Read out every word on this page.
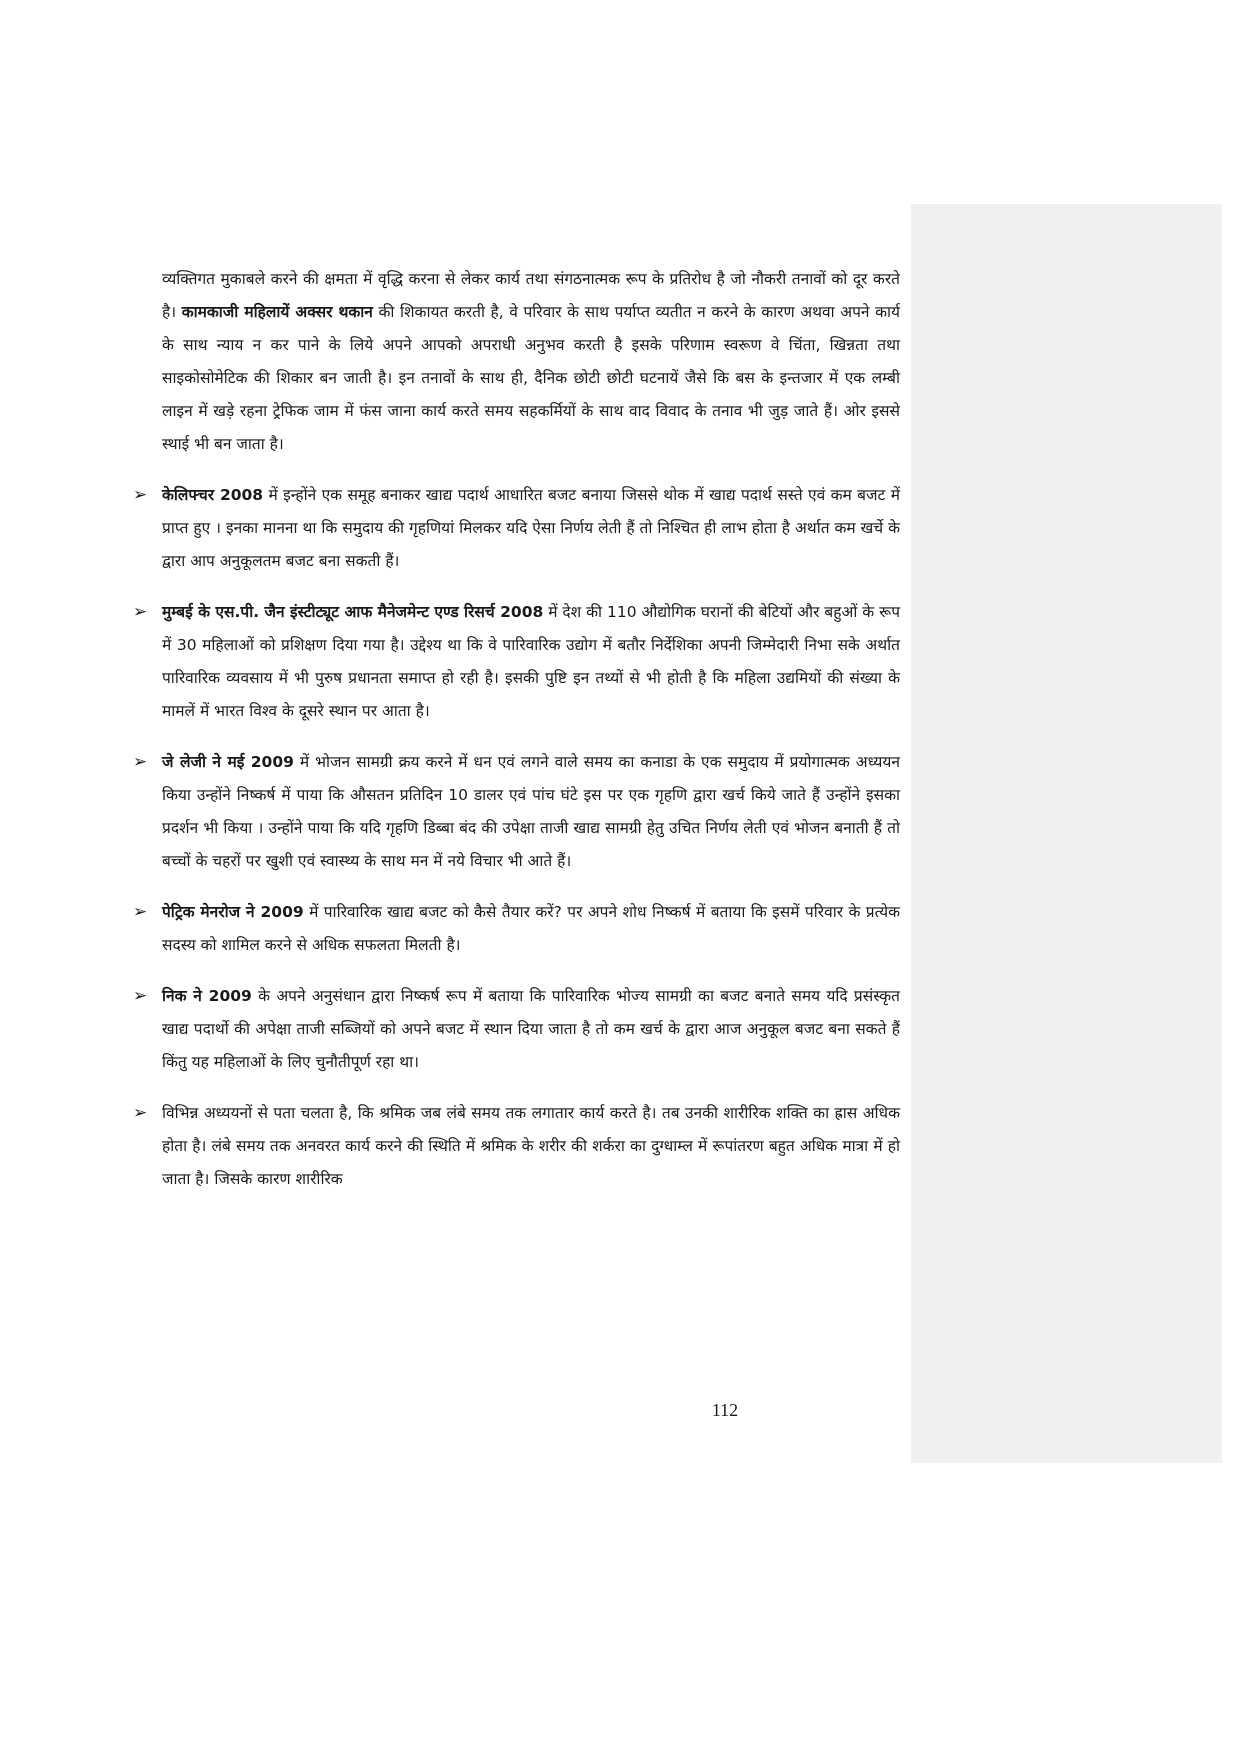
व्यक्तिगत मुकाबले करने की क्षमता में वृद्धि करना से लेकर कार्य तथा संगठनात्मक रूप के प्रतिरोध है जो नौकरी तनावों को दूर करते है। कामकाजी महिलायें अक्सर थकान की शिकायत करती है, वे परिवार के साथ पर्याप्त व्यतीत न करने के कारण अथवा अपने कार्य के साथ न्याय न कर पाने के लिये अपने आपको अपराधी अनुभव करती है इसके परिणाम स्वरूण वे चिंता, खिन्नता तथा साइकोसोमेटिक की शिकार बन जाती है। इन तनावों के साथ ही, दैनिक छोटी छोटी घटनायें जैसे कि बस के इन्तजार में एक लम्बी लाइन में खड़े रहना ट्रेफिक जाम में फंस जाना कार्य करते समय सहकर्मियों के साथ वाद विवाद के तनाव भी जुड़ जाते हैं। ओर इससे स्थाई भी बन जाता है।

➢ केलिफ्चर 2008 में इन्होंने एक समूह बनाकर खाद्य पदार्थ आधारित बजट बनाया जिससे थोक में खाद्य पदार्थ सस्ते एवं कम बजट में प्राप्त हुए । इनका मानना था कि समुदाय की गृहणियां मिलकर यदि ऐसा निर्णय लेती हैं तो निश्चित ही लाभ होता है अर्थात कम खर्चे के द्वारा आप अनुकूलतम बजट बना सकती हैं।

➢ मुम्बई के एस.पी. जैन इंस्टीट्यूट आफ मैनेजमेन्ट एण्ड रिसर्च 2008 में देश की 110 औद्योगिक घरानों की बेटियों और बहुओं के रूप में 30 महिलाओं को प्रशिक्षण दिया गया है। उद्देश्य था कि वे पारिवारिक उद्योग में बतौर निर्देशिका अपनी जिम्मेदारी निभा सके अर्थात पारिवारिक व्यवसाय में भी पुरुष प्रधानता समाप्त हो रही है। इसकी पुष्टि इन तथ्यों से भी होती है कि महिला उद्यमियों की संख्या के मामलें में भारत विश्व के दूसरे स्थान पर आता है।

➢ जे लेजी ने मई 2009 में भोजन सामग्री क्रय करने में धन एवं लगने वाले समय का कनाडा के एक समुदाय में प्रयोगात्मक अध्ययन किया उन्होंने निष्कर्ष में पाया कि औसतन प्रतिदिन 10 डालर एवं पांच घंटे इस पर एक गृहणि द्वारा खर्च किये जाते हैं उन्होंने इसका प्रदर्शन भी किया । उन्होंने पाया कि यदि गृहणि डिब्बा बंद की उपेक्षा ताजी खाद्य सामग्री हेतु उचित निर्णय लेती एवं भोजन बनाती हैं तो बच्चों के चहरों पर खुशी एवं स्वास्थ्य के साथ मन में नये विचार भी आते हैं।

➢ पेट्रिक मेनरोज ने 2009 में पारिवारिक खाद्य बजट को कैसे तैयार करें? पर अपने शोध निष्कर्ष में बताया कि इसमें परिवार के प्रत्येक सदस्य को शामिल करने से अधिक सफलता मिलती है।

➢ निक ने 2009 के अपने अनुसंधान द्वारा निष्कर्ष रूप में बताया कि पारिवारिक भोज्य सामग्री का बजट बनाते समय यदि प्रसंस्कृत खाद्य पदार्थो की अपेक्षा ताजी सब्जियों को अपने बजट में स्थान दिया जाता है तो कम खर्च के द्वारा आज अनुकूल बजट बना सकते हैं किंतु यह महिलाओं के लिए चुनौतीपूर्ण रहा था।

➢ विभिन्न अध्ययनों से पता चलता है, कि श्रमिक जब लंबे समय तक लगातार कार्य करते है। तब उनकी शारीरिक शक्ति का ह्रास अधिक होता है। लंबे समय तक अनवरत कार्य करने की स्थिति में श्रमिक के शरीर की शर्करा का दुग्धाम्ल में रूपांतरण बहुत अधिक मात्रा में हो जाता है। जिसके कारण शारीरिक

112
